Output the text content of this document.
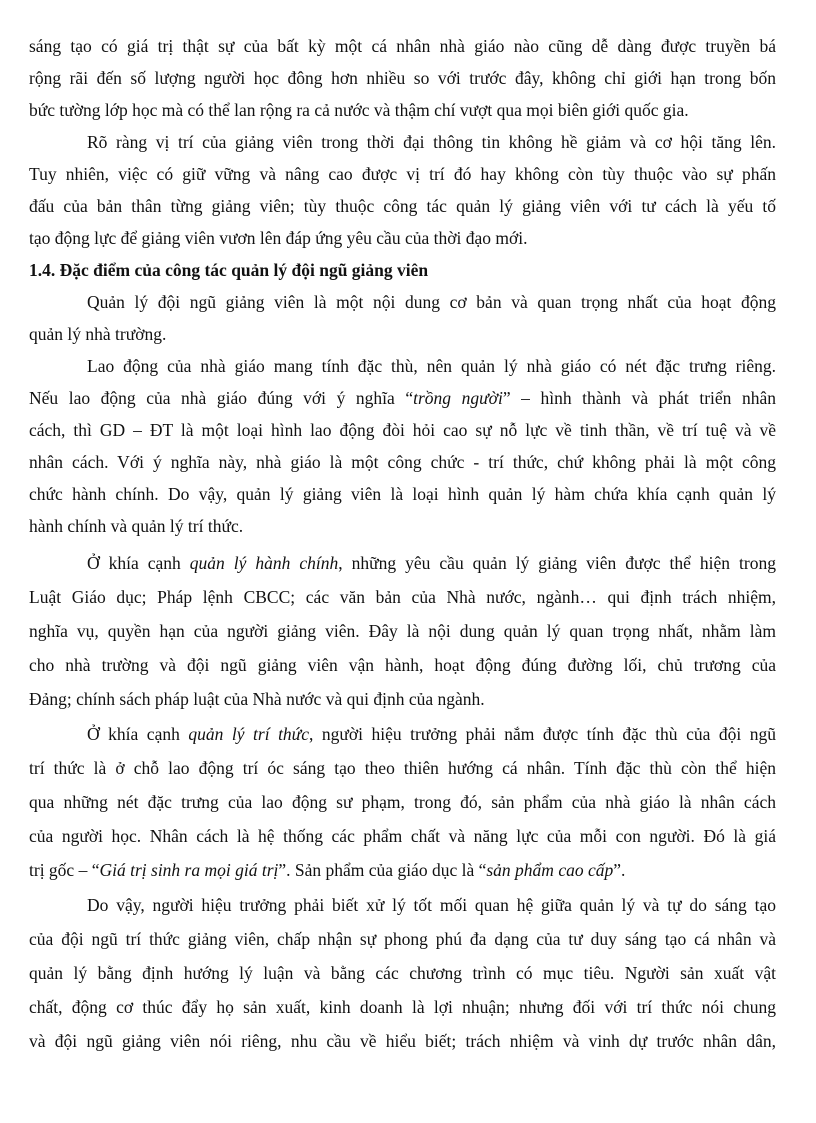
sáng tạo có giá trị thật sự của bất kỳ một cá nhân nhà giáo nào cũng dễ dàng được truyền bá
rộng rãi đến số lượng người học đông hơn nhiều so với trước đây, không chỉ giới hạn trong bốn
bức tường lớp học mà có thể lan rộng ra cả nước và thậm chí vượt qua mọi biên giới quốc gia.
Rõ ràng vị trí của giảng viên trong thời đại thông tin không hề giảm và cơ hội tăng lên.
Tuy nhiên, việc có giữ vững và nâng cao được vị trí đó hay không còn tùy thuộc vào sự phấn
đấu của bản thân từng giảng viên; tùy thuộc công tác quản lý giảng viên với tư cách là yếu tố
tạo động lực để giảng viên vươn lên đáp ứng yêu cầu của thời đạo mới.
1.4. Đặc điểm của công tác quản lý đội ngũ giảng viên
Quản lý đội ngũ giảng viên là một nội dung cơ bản và quan trọng nhất của hoạt động
quản lý nhà trường.
Lao động của nhà giáo mang tính đặc thù, nên quản lý nhà giáo có nét đặc trưng riêng.
Nếu lao động của nhà giáo đúng với ý nghĩa “trồng người” – hình thành và phát triển nhân
cách, thì GD – ĐT là một loại hình lao động đòi hỏi cao sự nỗ lực về tinh thần, về trí tuệ và về
nhân cách. Với ý nghĩa này, nhà giáo là một công chức - trí thức, chứ không phải là một công
chức hành chính. Do vậy, quản lý giảng viên là loại hình quản lý hàm chứa khía cạnh quản lý
hành chính và quản lý trí thức.
Ở khía cạnh quản lý hành chính, những yêu cầu quản lý giảng viên được thể hiện trong
Luật Giáo dục; Pháp lệnh CBCC; các văn bản của Nhà nước, ngành… qui định trách nhiệm,
nghĩa vụ, quyền hạn của người giảng viên. Đây là nội dung quản lý quan trọng nhất, nhằm làm
cho nhà trường và đội ngũ giảng viên vận hành, hoạt động đúng đường lối, chủ trương của
Đảng; chính sách pháp luật của Nhà nước và qui định của ngành.
Ở khía cạnh quản lý trí thức, người hiệu trưởng phải nắm được tính đặc thù của đội ngũ
trí thức là ở chỗ lao động trí óc sáng tạo theo thiên hướng cá nhân. Tính đặc thù còn thể hiện
qua những nét đặc trưng của lao động sư phạm, trong đó, sản phẩm của nhà giáo là nhân cách
của người học. Nhân cách là hệ thống các phẩm chất và năng lực của mỗi con người. Đó là giá
trị gốc – “Giá trị sinh ra mọi giá trị”. Sản phẩm của giáo dục là “sản phẩm cao cấp”.
Do vậy, người hiệu trưởng phải biết xử lý tốt mối quan hệ giữa quản lý và tự do sáng tạo
của đội ngũ trí thức giảng viên, chấp nhận sự phong phú đa dạng của tư duy sáng tạo cá nhân và
quản lý bằng định hướng lý luận và bằng các chương trình có mục tiêu. Người sản xuất vật
chất, động cơ thúc đẩy họ sản xuất, kinh doanh là lợi nhuận; nhưng đối với trí thức nói chung
và đội ngũ giảng viên nói riêng, nhu cầu về hiểu biết; trách nhiệm và vinh dự trước nhân dân,
